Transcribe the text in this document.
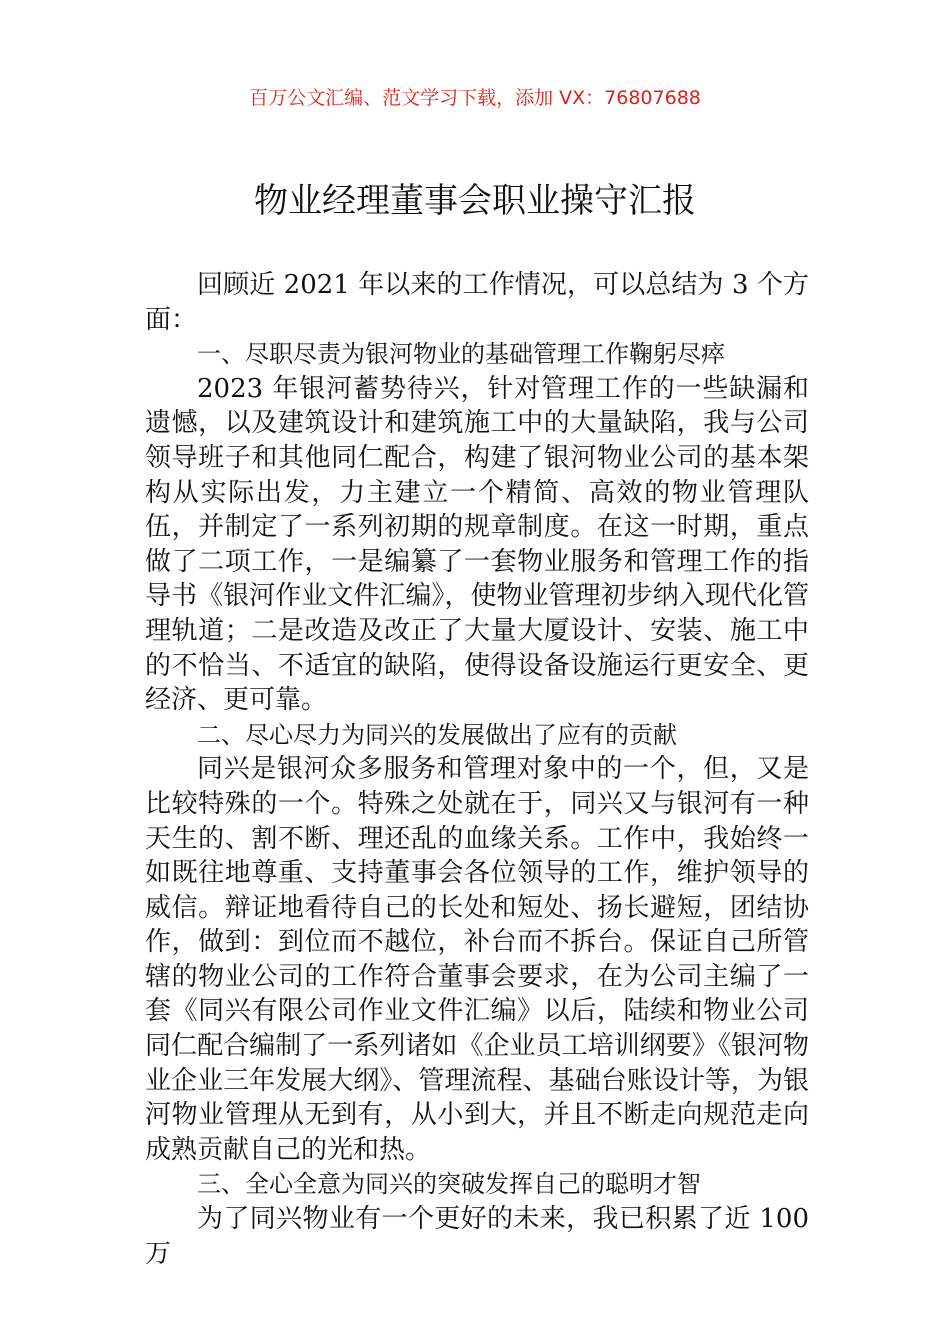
百万公文汇编、范文学习下载，添加 VX：76807688
物业经理董事会职业操守汇报

回顾近 2021 年以来的工作情况，可以总结为 3 个方面：

一、尽职尽责为银河物业的基础管理工作鞠躬尽瘁

2023 年银河蓄势待兴，针对管理工作的一些缺漏和遗憾，以及建筑设计和建筑施工中的大量缺陷，我与公司领导班子和其他同仁配合，构建了银河物业公司的基本架构从实际出发，力主建立一个精简、高效的物业管理队伍，并制定了一系列初期的规章制度。在这一时期，重点做了二项工作，一是编纂了一套物业服务和管理工作的指导书《银河作业文件汇编》，使物业管理初步纳入现代化管理轨道；二是改造及改正了大量大厦设计、安装、施工中的不恰当、不适宜的缺陷，使得设备设施运行更安全、更经济、更可靠。

二、尽心尽力为同兴的发展做出了应有的贡献

同兴是银河众多服务和管理对象中的一个，但，又是比较特殊的一个。特殊之处就在于，同兴又与银河有一种天生的、割不断、理还乱的血缘关系。工作中，我始终一如既往地尊重、支持董事会各位领导的工作，维护领导的威信。辩证地看待自己的长处和短处、扬长避短，团结协作，做到：到位而不越位，补台而不拆台。保证自己所管辖的物业公司的工作符合董事会要求，在为公司主编了一套《同兴有限公司作业文件汇编》以后，陆续和物业公司同仁配合编制了一系列诸如《企业员工培训纲要》《银河物业企业三年发展大纲》、管理流程、基础台账设计等，为银河物业管理从无到有，从小到大，并且不断走向规范走向成熟贡献自己的光和热。

三、全心全意为同兴的突破发挥自己的聪明才智

为了同兴物业有一个更好的未来，我已积累了近 100 万
